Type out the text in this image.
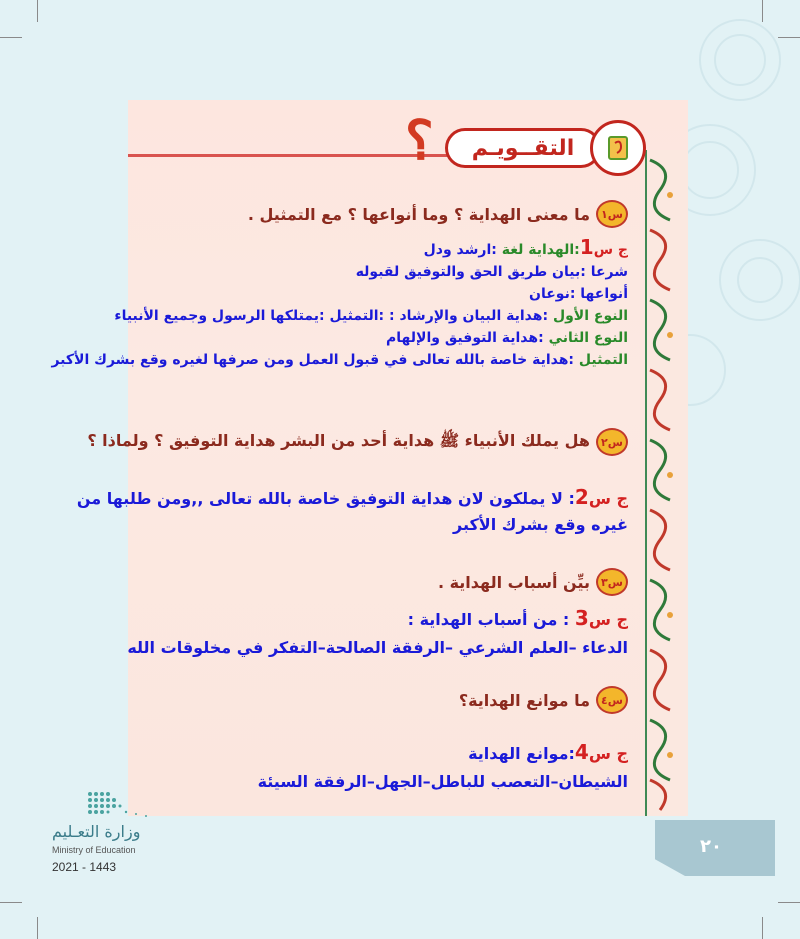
؟	التقــويـم
س١
ما معنى الهداية ؟ وما أنواعها ؟ مع التمثيل .
ج س1:الهداية لغة :ارشد ودل
شرعا :بيان طريق الحق والتوفيق لقبوله
أنواعها :نوعان
النوع الأول :هداية البيان والإرشاد : :التمثيل :يمتلكها الرسول وجميع الأنبياء
النوع الثاني :هداية التوفيق والإلهام
التمثيل :هداية خاصة بالله تعالى في قبول العمل ومن صرفها لغيره وقع بشرك الأكبر
س٢
هل يملك الأنبياء ﷺ هداية أحد من البشر هداية التوفيق ؟ ولماذا ؟
ج س2: لا يملكون لان هداية التوفيق خاصة بالله تعالى ,,ومن طلبها من
غيره وقع بشرك الأكبر
س٣
بيِّن أسباب الهداية .
ج س3 : من أسباب الهداية :
الدعاء –العلم الشرعي –الرفقة الصالحة–التفكر في مخلوقات الله
س٤
ما موانع الهداية؟
ج س4:موانع الهداية
الشيطان–التعصب للباطل–الجهل–الرفقة السيئة
وزارة التعـليم
Ministry of Education
2021 - 1443
٢٠
